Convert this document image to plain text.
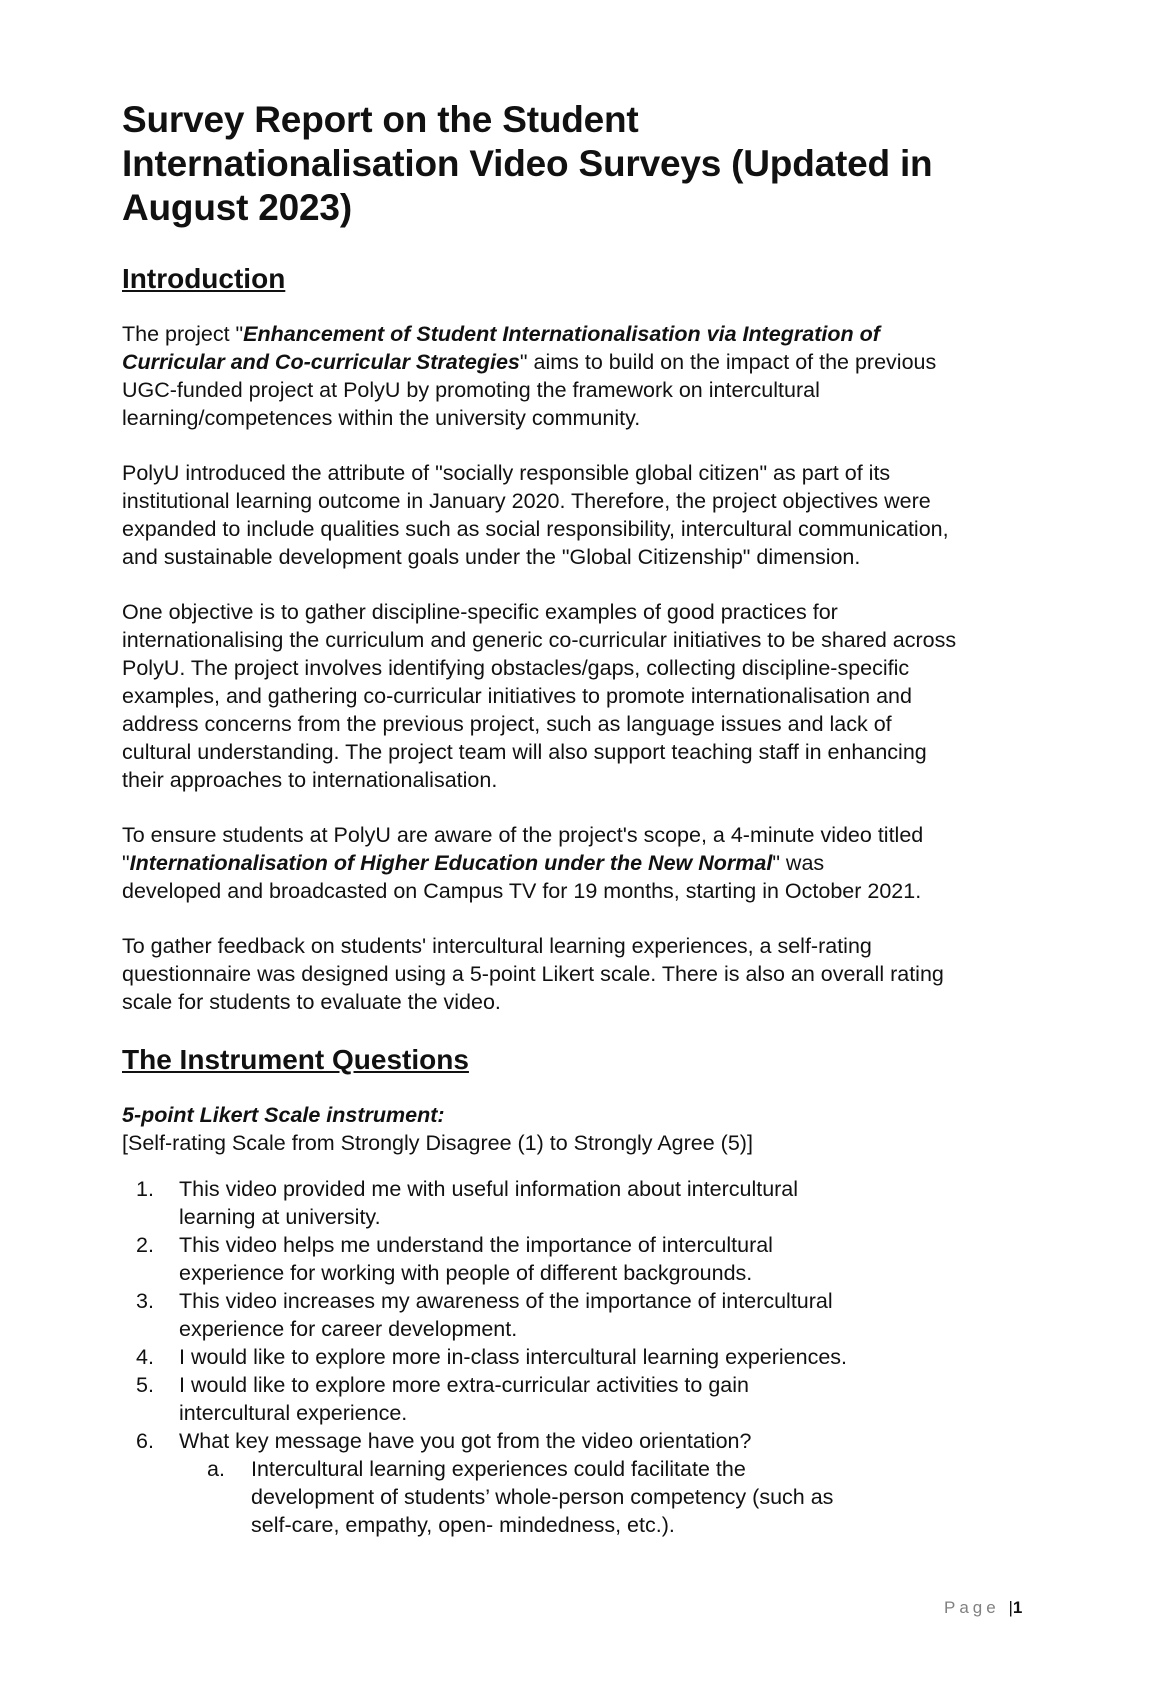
Survey Report on the Student Internationalisation Video Surveys (Updated in August 2023)
Introduction

The project "Enhancement of Student Internationalisation via Integration of Curricular and Co-curricular Strategies" aims to build on the impact of the previous UGC-funded project at PolyU by promoting the framework on intercultural learning/competences within the university community.

PolyU introduced the attribute of "socially responsible global citizen" as part of its institutional learning outcome in January 2020. Therefore, the project objectives were expanded to include qualities such as social responsibility, intercultural communication, and sustainable development goals under the "Global Citizenship" dimension.

One objective is to gather discipline-specific examples of good practices for internationalising the curriculum and generic co-curricular initiatives to be shared across PolyU. The project involves identifying obstacles/gaps, collecting discipline-specific examples, and gathering co-curricular initiatives to promote internationalisation and address concerns from the previous project, such as language issues and lack of cultural understanding. The project team will also support teaching staff in enhancing their approaches to internationalisation.

To ensure students at PolyU are aware of the project's scope, a 4-minute video titled "Internationalisation of Higher Education under the New Normal" was developed and broadcasted on Campus TV for 19 months, starting in October 2021.

To gather feedback on students' intercultural learning experiences, a self-rating questionnaire was designed using a 5-point Likert scale. There is also an overall rating scale for students to evaluate the video.

The Instrument Questions
5-point Likert Scale instrument:
[Self-rating Scale from Strongly Disagree (1) to Strongly Agree (5)]
1. This video provided me with useful information about intercultural learning at university.
2. This video helps me understand the importance of intercultural experience for working with people of different backgrounds.
3. This video increases my awareness of the importance of intercultural experience for career development.
4. I would like to explore more in-class intercultural learning experiences.
5. I would like to explore more extra-curricular activities to gain intercultural experience.
6. What key message have you got from the video orientation?
a. Intercultural learning experiences could facilitate the development of students’ whole-person competency (such as self-care, empathy, open- mindedness, etc.).
Page |1
